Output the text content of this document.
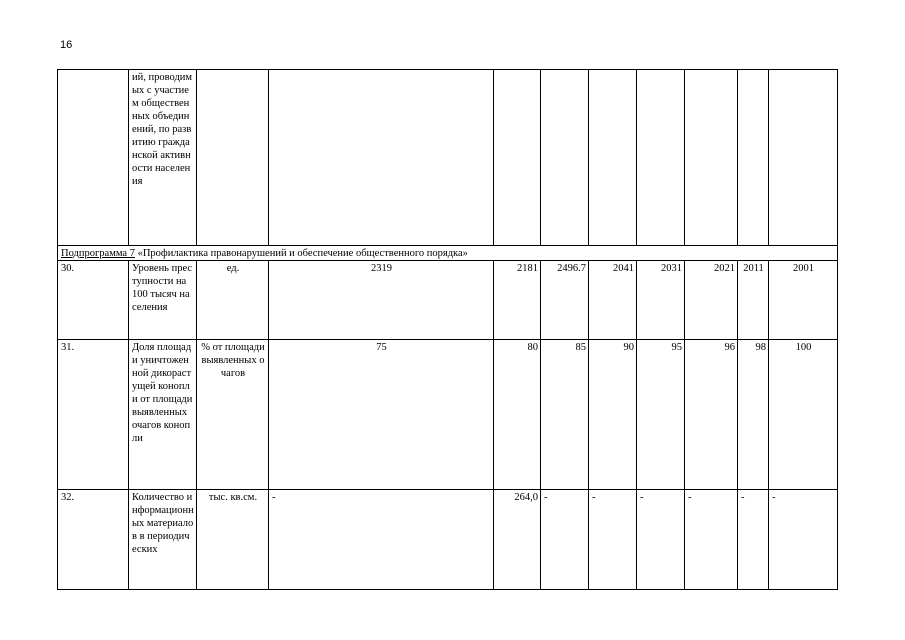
16
	ий, проводимых с участием общественных объединений, по развитию гражданской активности населения									
Подпрограмма 7 «Профилактика правонарушений и обеспечение общественного порядка»										
30.	Уровень преступности на 100 тысяч населения	ед.	2319	2181	2496.7	2041	2031	2021	2011	2001
31.	Доля площади уничтоженной дикорастущей конопли от площади выявленных очагов конопли	% от площади выявленных очагов	75	80	85	90	95	96	98	100
32.	Количество информационных материалов в периодических	тыс. кв.см.	-	264,0	-	-	-	-	-	-
